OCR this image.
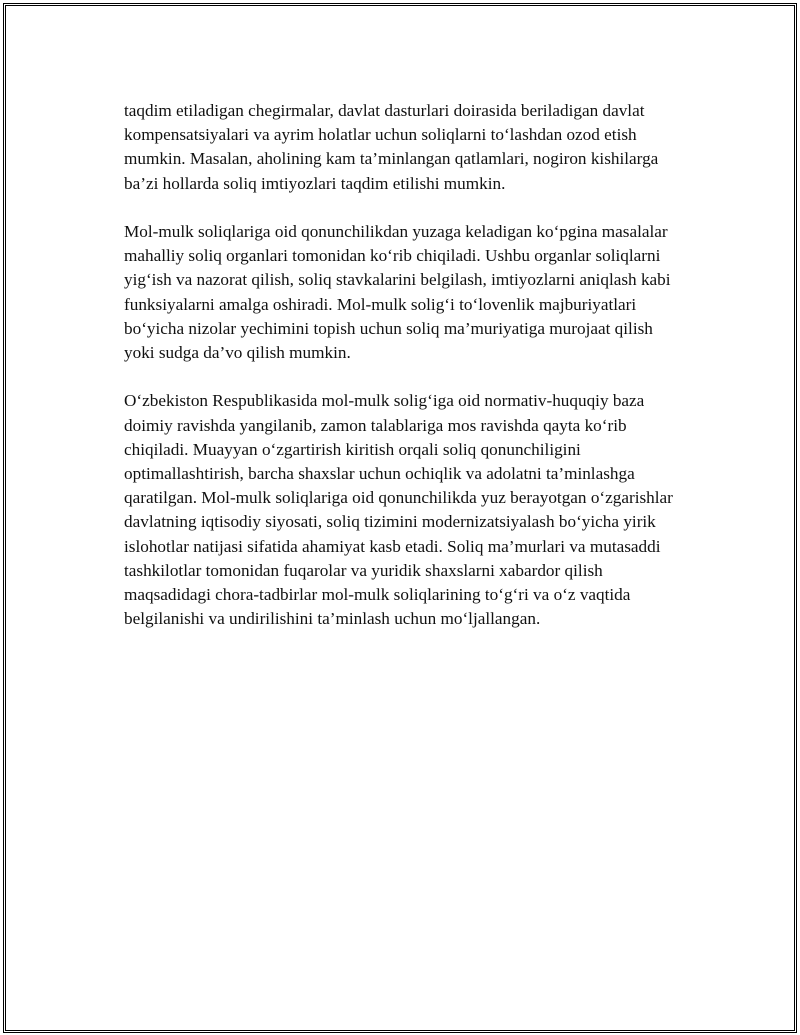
taqdim etiladigan chegirmalar, davlat dasturlari doirasida beriladigan davlat kompensatsiyalari va ayrim holatlar uchun soliqlarni to‘lashdan ozod etish mumkin. Masalan, aholining kam ta’minlangan qatlamlari, nogiron kishilarga ba’zi hollarda soliq imtiyozlari taqdim etilishi mumkin.

Mol-mulk soliqlariga oid qonunchilikdan yuzaga keladigan ko‘pgina masalalar mahalliy soliq organlari tomonidan ko‘rib chiqiladi. Ushbu organlar soliqlarni yig‘ish va nazorat qilish, soliq stavkalarini belgilash, imtiyozlarni aniqlash kabi funksiyalarni amalga oshiradi. Mol-mulk solig‘i to‘lovenlik majburiyatlari bo‘yicha nizolar yechimini topish uchun soliq ma’muriyatiga murojaat qilish yoki sudga da’vo qilish mumkin.

O‘zbekiston Respublikasida mol-mulk solig‘iga oid normativ-huquqiy baza doimiy ravishda yangilanib, zamon talablariga mos ravishda qayta ko‘rib chiqiladi. Muayyan o‘zgartirish kiritish orqali soliq qonunchiligini optimallashtirish, barcha shaxslar uchun ochiqlik va adolatni ta’minlashga qaratilgan. Mol-mulk soliqlariga oid qonunchilikda yuz berayotgan o‘zgarishlar davlatning iqtisodiy siyosati, soliq tizimini modernizatsiyalash bo‘yicha yirik islohotlar natijasi sifatida ahamiyat kasb etadi. Soliq ma’murlari va mutasaddi tashkilotlar tomonidan fuqarolar va yuridik shaxslarni xabardor qilish maqsadidagi chora-tadbirlar mol-mulk soliqlarining to‘g‘ri va o‘z vaqtida belgilanishi va undirilishini ta’minlash uchun mo‘ljallangan.
